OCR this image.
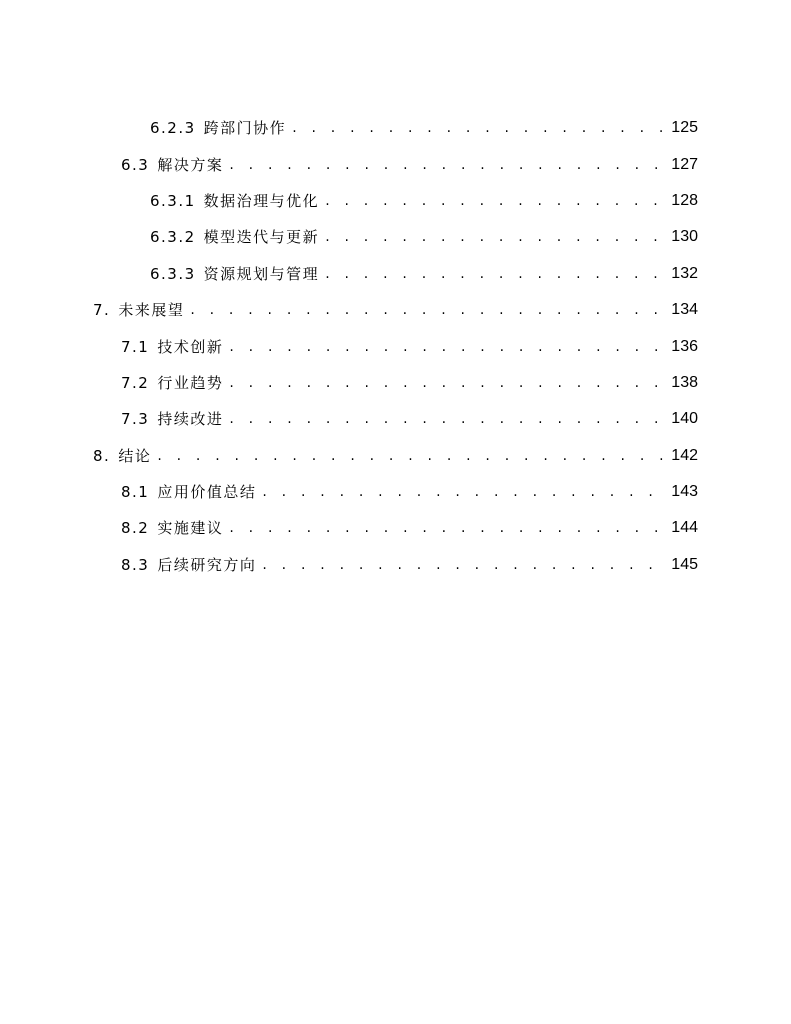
6.2.3 跨部门协作 . . .	125
6.3 解决方案 . . .	127
6.3.1 数据治理与优化 . . .	128
6.3.2 模型迭代与更新 . . .	130
6.3.3 资源规划与管理 . . .	132
7. 未来展望 . . .	134
7.1 技术创新 . . .	136
7.2 行业趋势 . . .	138
7.3 持续改进 . . .	140
8. 结论 . . .	142
8.1 应用价值总结 . . .	143
8.2 实施建议 . . .	144
8.3 后续研究方向 . . .	145
